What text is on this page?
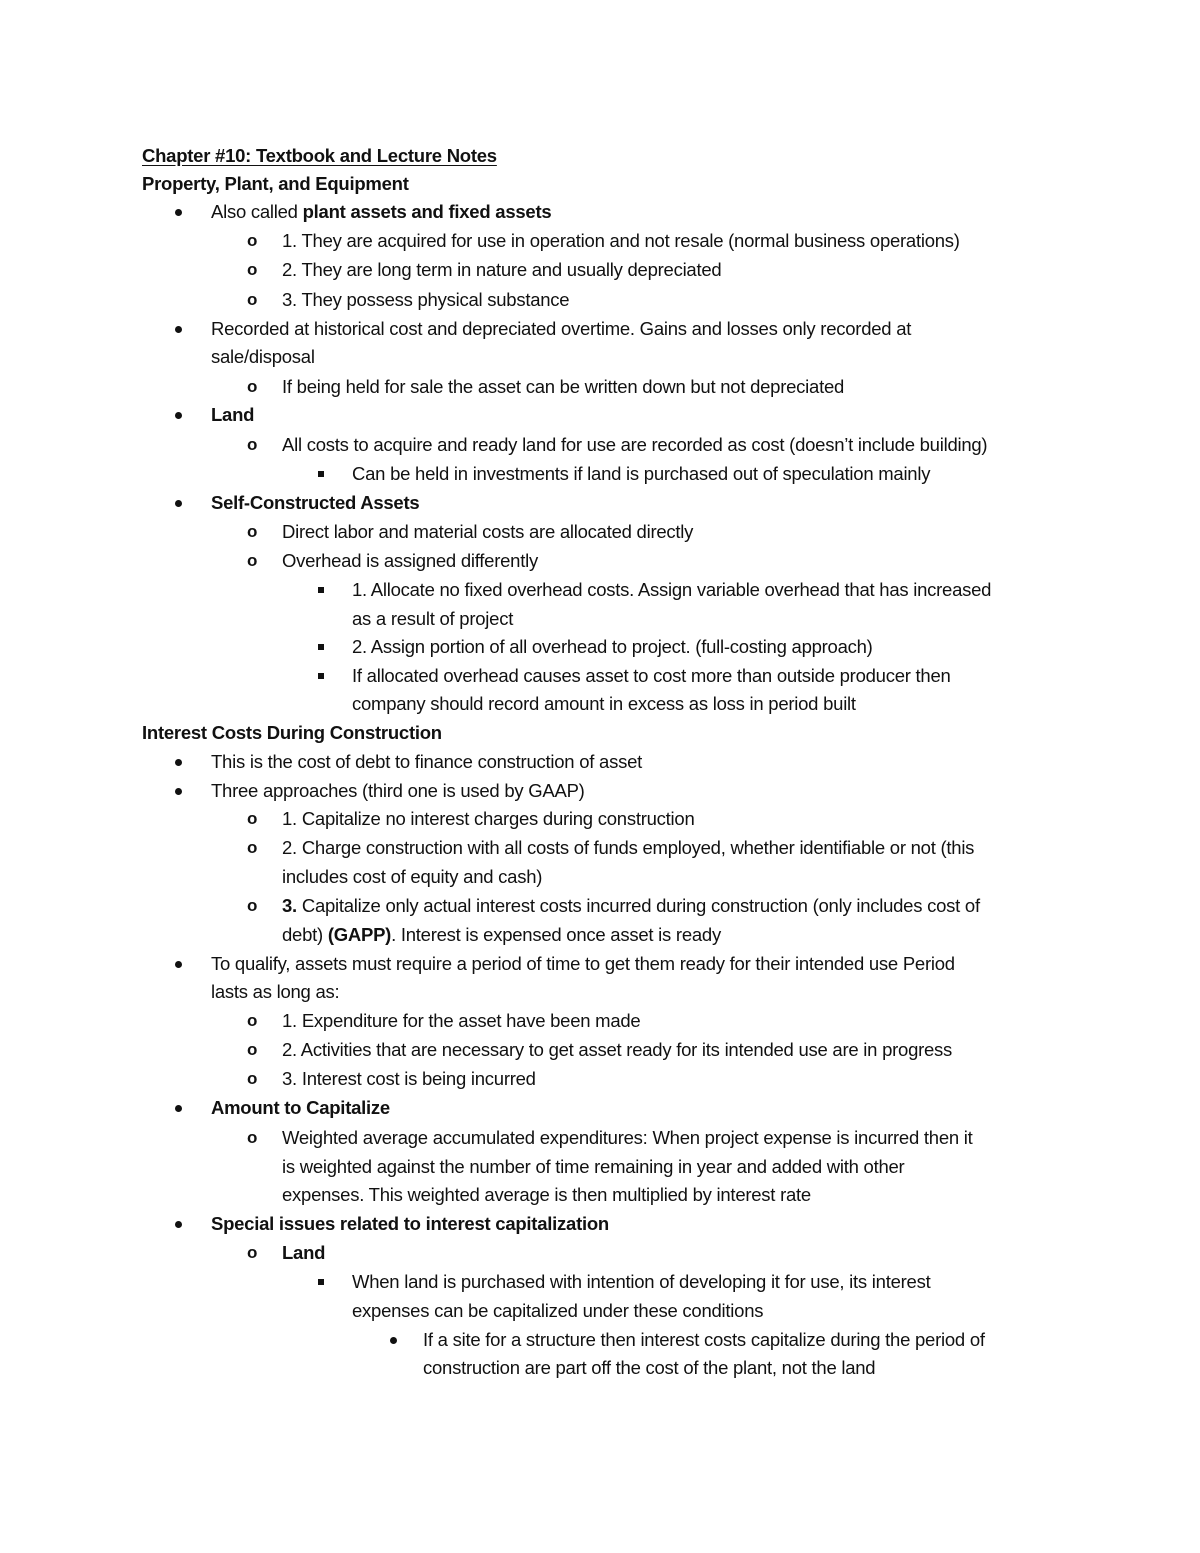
Chapter #10: Textbook and Lecture Notes
Property, Plant, and Equipment
Also called plant assets and fixed assets
o 1. They are acquired for use in operation and not resale (normal business operations)
o 2. They are long term in nature and usually depreciated
o 3. They possess physical substance
Recorded at historical cost and depreciated overtime. Gains and losses only recorded at
sale/disposal
o If being held for sale the asset can be written down but not depreciated
Land
o All costs to acquire and ready land for use are recorded as cost (doesn’t include building)
Can be held in investments if land is purchased out of speculation mainly
Self-Constructed Assets
o Direct labor and material costs are allocated directly
o Overhead is assigned differently
1. Allocate no fixed overhead costs. Assign variable overhead that has increased
as a result of project
2. Assign portion of all overhead to project. (full-costing approach)
If allocated overhead causes asset to cost more than outside producer then
company should record amount in excess as loss in period built
Interest Costs During Construction
This is the cost of debt to finance construction of asset
Three approaches (third one is used by GAAP)
o 1. Capitalize no interest charges during construction
o 2. Charge construction with all costs of funds employed, whether identifiable or not (this
includes cost of equity and cash)
o 3. Capitalize only actual interest costs incurred during construction (only includes cost of
debt) (GAPP). Interest is expensed once asset is ready
To qualify, assets must require a period of time to get them ready for their intended use Period
lasts as long as:
o 1. Expenditure for the asset have been made
o 2. Activities that are necessary to get asset ready for its intended use are in progress
o 3. Interest cost is being incurred
Amount to Capitalize
o Weighted average accumulated expenditures: When project expense is incurred then it
is weighted against the number of time remaining in year and added with other
expenses. This weighted average is then multiplied by interest rate
Special issues related to interest capitalization
o Land
When land is purchased with intention of developing it for use, its interest
expenses can be capitalized under these conditions
If a site for a structure then interest costs capitalize during the period of
construction are part off the cost of the plant, not the land
